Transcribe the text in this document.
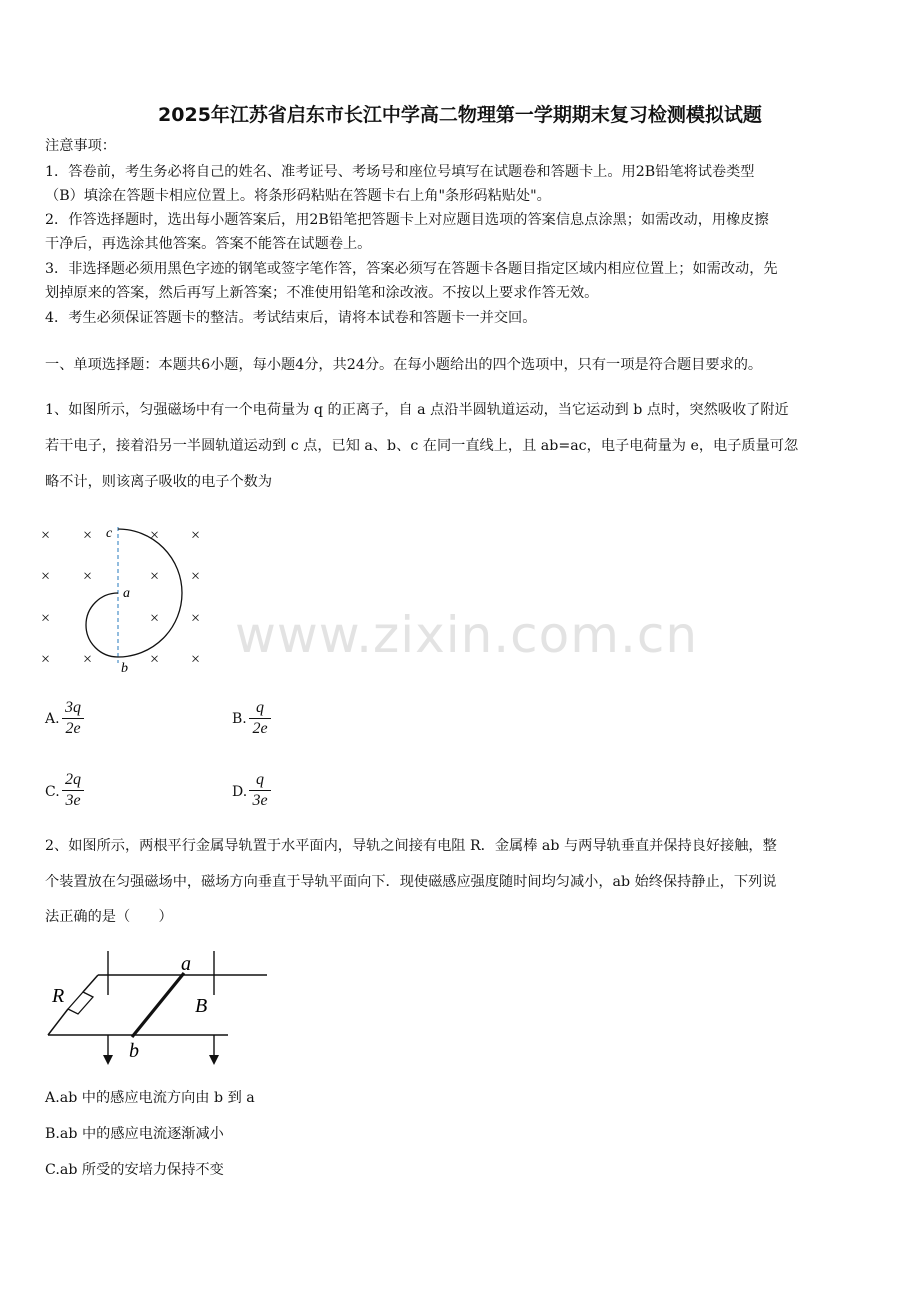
2025年江苏省启东市长江中学高二物理第一学期期末复习检测模拟试题
注意事项：
1．答卷前，考生务必将自己的姓名、准考证号、考场号和座位号填写在试题卷和答题卡上。用2B铅笔将试卷类型
（B）填涂在答题卡相应位置上。将条形码粘贴在答题卡右上角"条形码粘贴处"。
2．作答选择题时，选出每小题答案后，用2B铅笔把答题卡上对应题目选项的答案信息点涂黑；如需改动，用橡皮擦
干净后，再选涂其他答案。答案不能答在试题卷上。
3．非选择题必须用黑色字迹的钢笔或签字笔作答，答案必须写在答题卡各题目指定区域内相应位置上；如需改动，先
划掉原来的答案，然后再写上新答案；不准使用铅笔和涂改液。不按以上要求作答无效。
4．考生必须保证答题卡的整洁。考试结束后，请将本试卷和答题卡一并交回。
一、单项选择题：本题共6小题，每小题4分，共24分。在每小题给出的四个选项中，只有一项是符合题目要求的。
1、如图所示，匀强磁场中有一个电荷量为 q 的正离子，自 a 点沿半圆轨道运动，当它运动到 b 点时，突然吸收了附近
若干电子，接着沿另一半圆轨道运动到 c 点，已知 a、b、c 在同一直线上，且 ab=ac，电子电荷量为 e，电子质量可忽
略不计，则该离子吸收的电子个数为
www.zixin.com.cn
× ×	× ×
× ×	× ×
×	× ×
× ×	× ×
c
a
b
A.
3q
2e
B.
q
2e
C.
2q
3e	D.
q
3e
2、如图所示，两根平行金属导轨置于水平面内，导轨之间接有电阻 R．金属棒 ab 与两导轨垂直并保持良好接触，整
个装置放在匀强磁场中，磁场方向垂直于导轨平面向下．现使磁感应强度随时间均匀减小，ab 始终保持静止，下列说
法正确的是（　　）
R
a
b
B
A.ab 中的感应电流方向由 b 到 a
B.ab 中的感应电流逐渐减小
C.ab 所受的安培力保持不变
